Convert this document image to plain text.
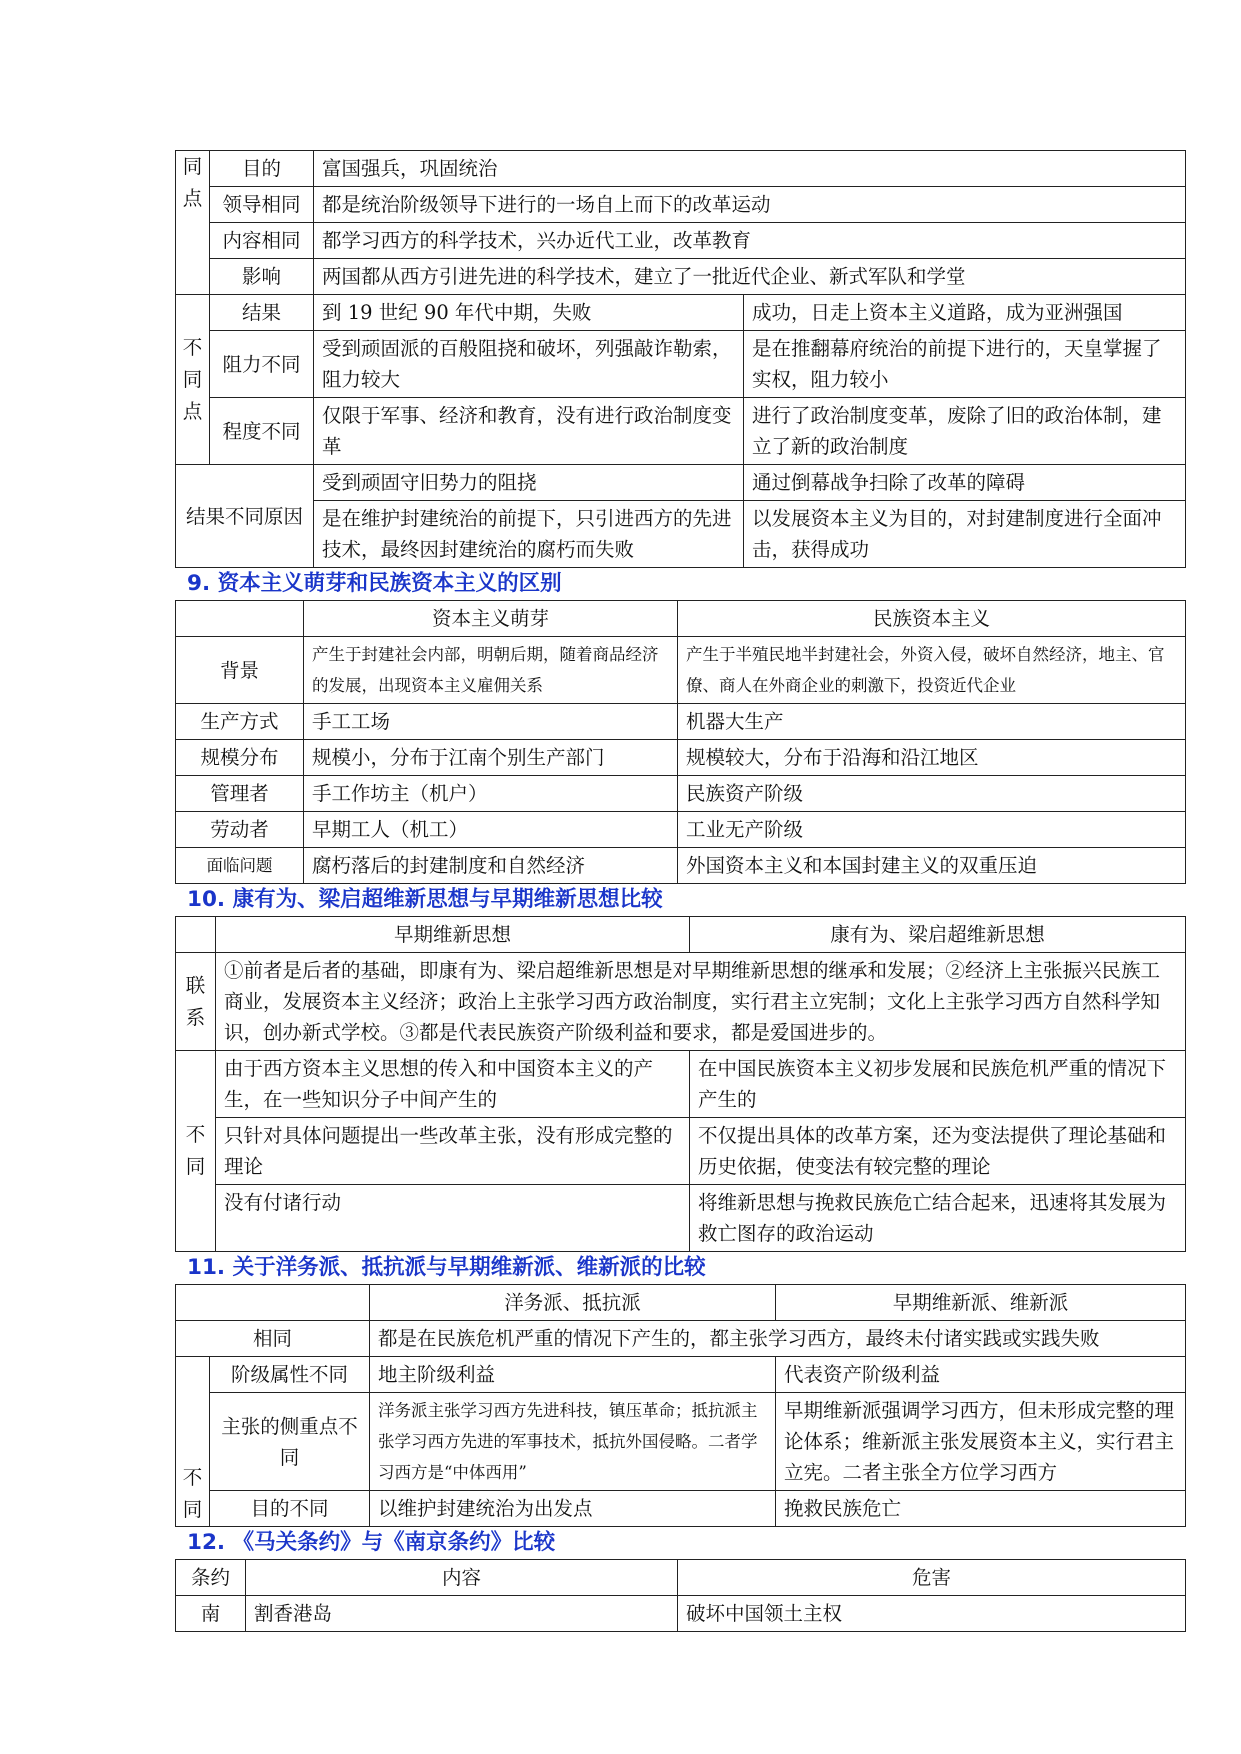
同点	目的	富国强兵，巩固统治	
	领导相同	都是统治阶级领导下进行的一场自上而下的改革运动	
	内容相同	都学习西方的科学技术，兴办近代工业，改革教育	
	影响	两国都从西方引进先进的科学技术，建立了一批近代企业、新式军队和学堂	
不同点	结果	到 19 世纪 90 年代中期，失败	成功，日走上资本主义道路，成为亚洲强国
	阻力不同	受到顽固派的百般阻挠和破坏，列强敲诈勒索，阻力较大	是在推翻幕府统治的前提下进行的，天皇掌握了实权，阻力较小
	程度不同	仅限于军事、经济和教育，没有进行政治制度变革	进行了政治制度变革，废除了旧的政治体制，建立了新的政治制度
结果不同原因		受到顽固守旧势力的阻挠	通过倒幕战争扫除了改革的障碍
		是在维护封建统治的前提下，只引进西方的先进技术，最终因封建统治的腐朽而失败	以发展资本主义为目的，对封建制度进行全面冲击，获得成功
9. 资本主义萌芽和民族资本主义的区别
	资本主义萌芽	民族资本主义
背景	产生于封建社会内部，明朝后期，随着商品经济的发展，出现资本主义雇佣关系	产生于半殖民地半封建社会，外资入侵，破坏自然经济，地主、官僚、商人在外商企业的刺激下，投资近代企业
生产方式	手工工场	机器大生产
规模分布	规模小，分布于江南个别生产部门	规模较大，分布于沿海和沿江地区
管理者	手工作坊主（机户）	民族资产阶级
劳动者	早期工人（机工）	工业无产阶级
面临问题	腐朽落后的封建制度和自然经济	外国资本主义和本国封建主义的双重压迫
10. 康有为、梁启超维新思想与早期维新思想比较
	早期维新思想	康有为、梁启超维新思想
联系	①前者是后者的基础，即康有为、梁启超维新思想是对早期维新思想的继承和发展；②经济上主张振兴民族工商业，发展资本主义经济；政治上主张学习西方政治制度，实行君主立宪制；文化上主张学习西方自然科学知识，创办新式学校。③都是代表民族资产阶级利益和要求，都是爱国进步的。	
不同	由于西方资本主义思想的传入和中国资本主义的产生，在一些知识分子中间产生的	在中国民族资本主义初步发展和民族危机严重的情况下产生的
	只针对具体问题提出一些改革主张，没有形成完整的理论	不仅提出具体的改革方案，还为变法提供了理论基础和历史依据，使变法有较完整的理论
	没有付诸行动	将维新思想与挽救民族危亡结合起来，迅速将其发展为救亡图存的政治运动
11. 关于洋务派、抵抗派与早期维新派、维新派的比较
		洋务派、抵抗派	早期维新派、维新派
相同		都是在民族危机严重的情况下产生的，都主张学习西方，最终未付诸实践或实践失败	
不同	阶级属性不同	地主阶级利益	代表资产阶级利益
	主张的侧重点不同	洋务派主张学习西方先进科技，镇压革命；抵抗派主张学习西方先进的军事技术，抵抗外国侵略。二者学习西方是“中体西用”	早期维新派强调学习西方，但未形成完整的理论体系；维新派主张发展资本主义，实行君主立宪。二者主张全方位学习西方
	目的不同	以维护封建统治为出发点	挽救民族危亡
12. 《马关条约》与《南京条约》比较
条约	内容	危害
南	割香港岛	破坏中国领土主权
